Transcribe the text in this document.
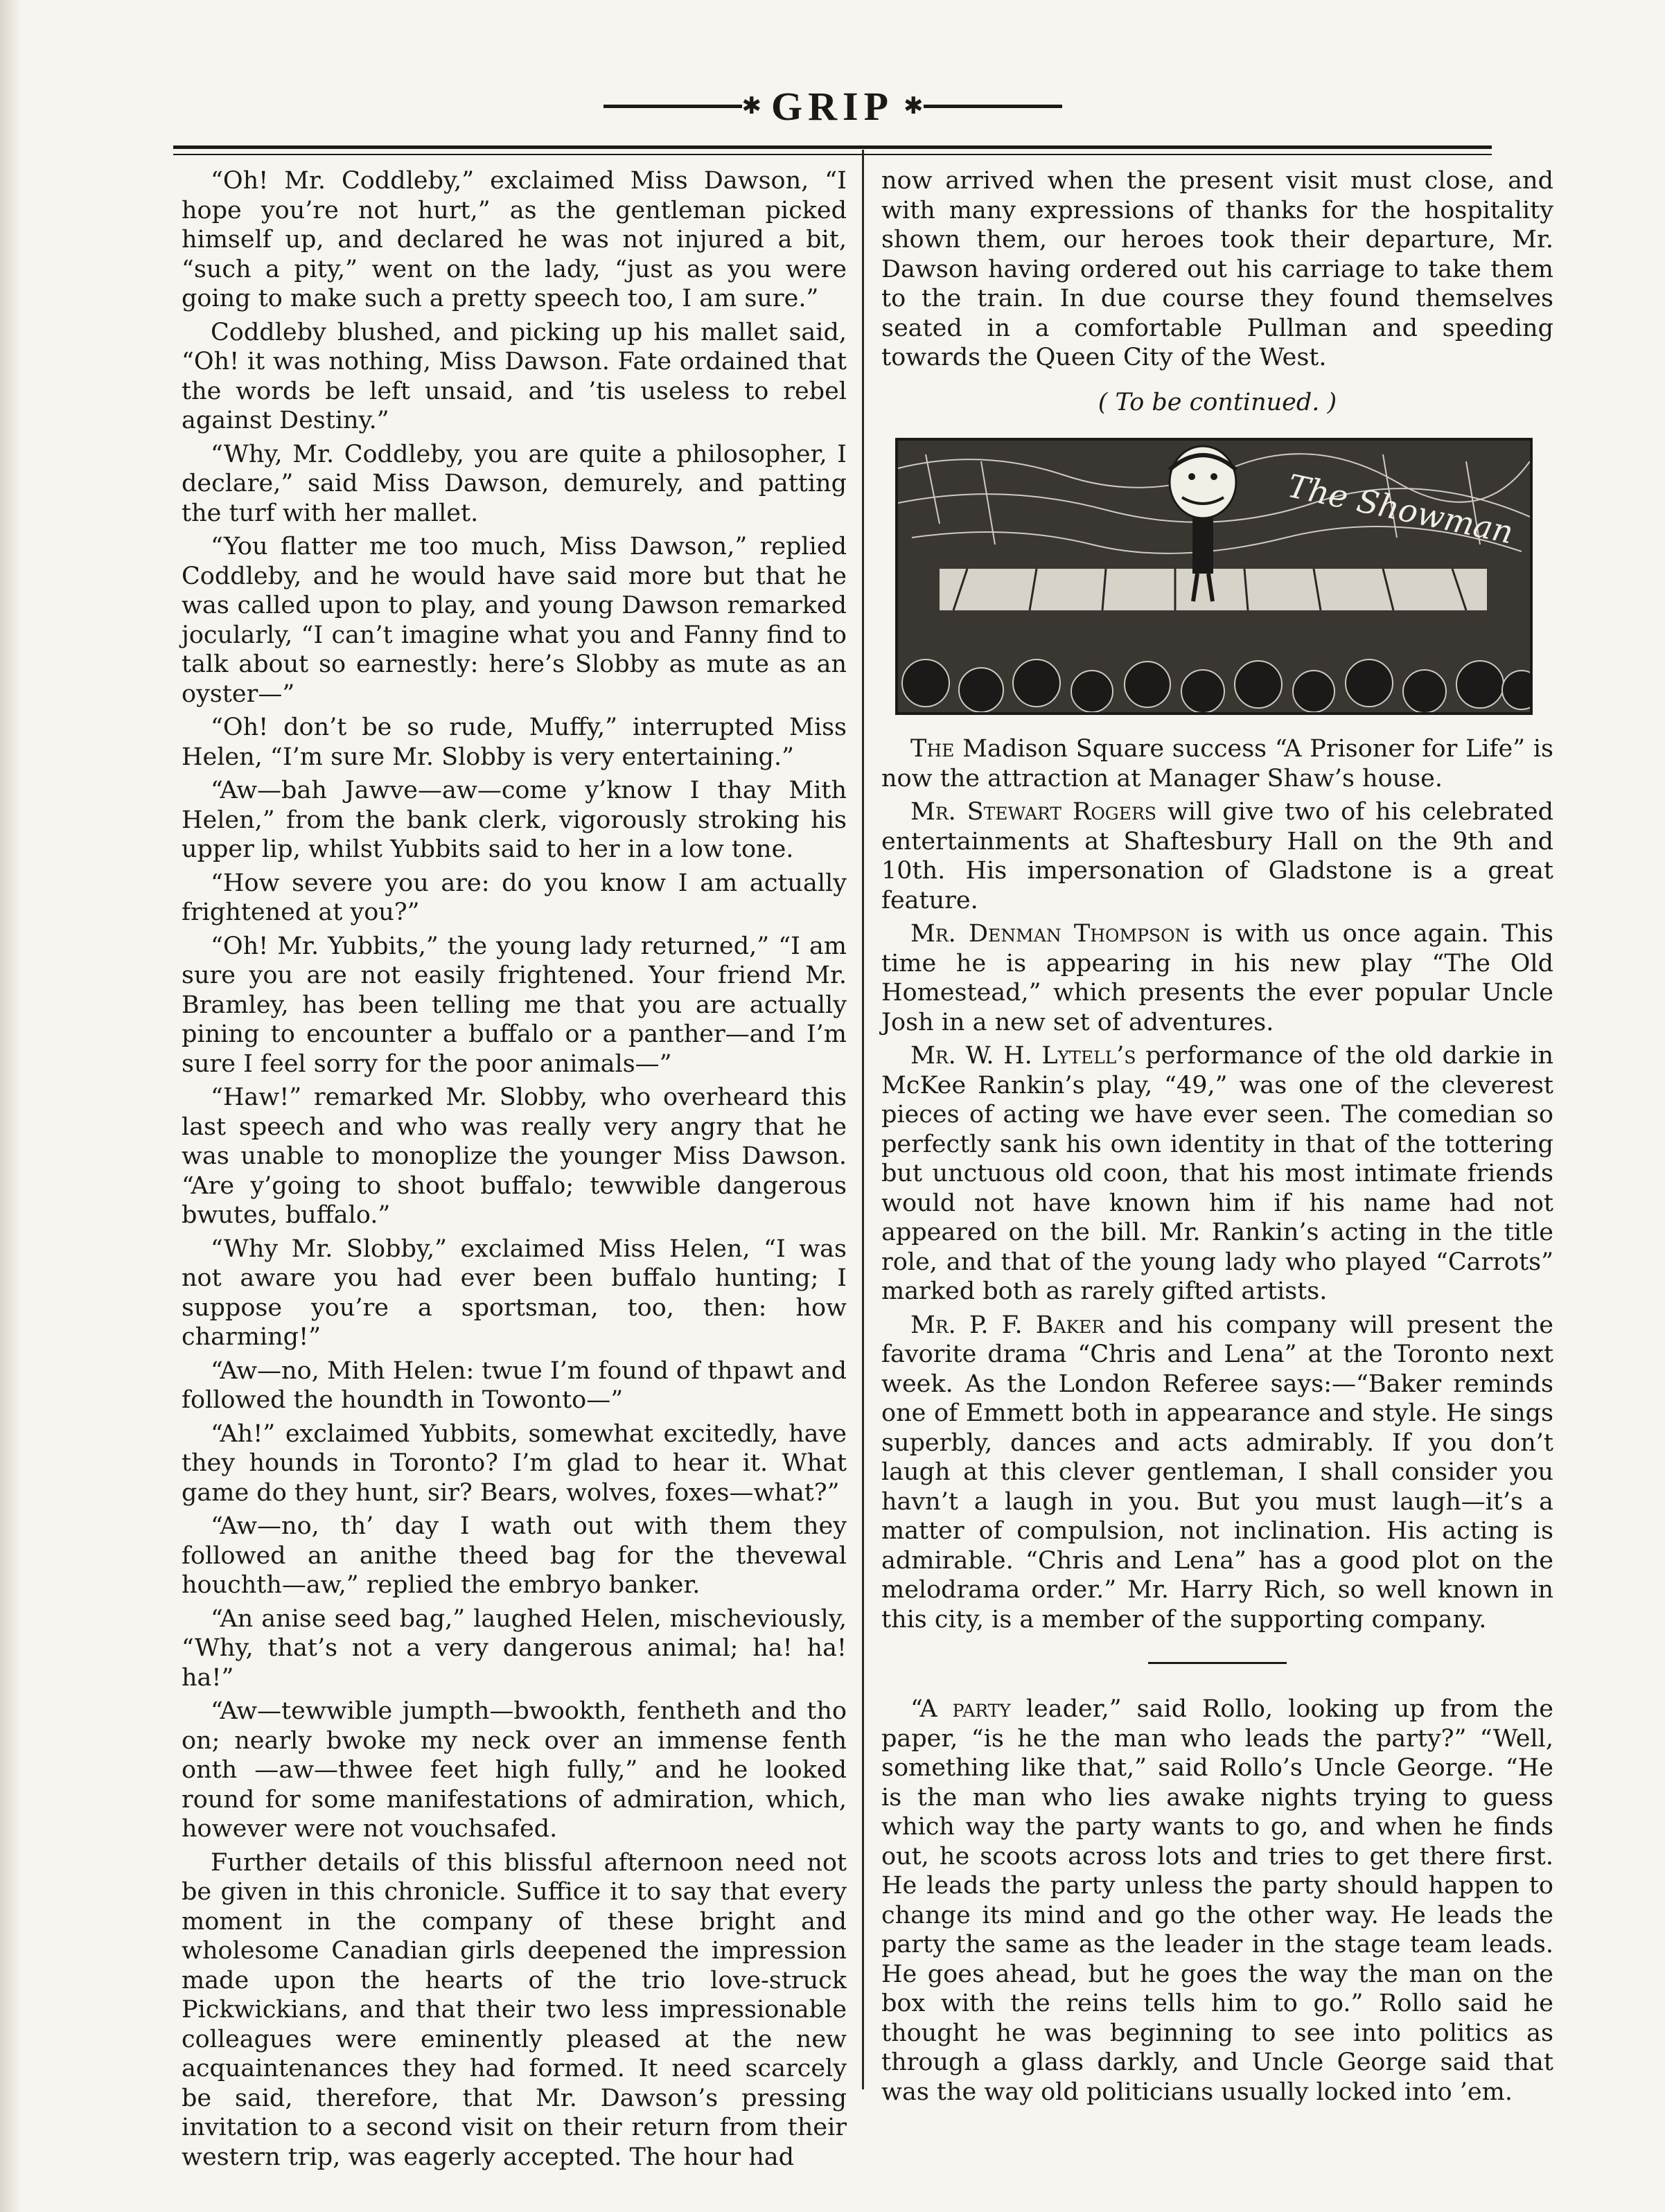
✱ GRIP ✱

“Oh! Mr. Coddleby,” exclaimed Miss Dawson, “I hope you’re not hurt,” as the gentleman picked himself up, and declared he was not injured a bit, “such a pity,” went on the lady, “just as you were going to make such a pretty speech too, I am sure.”

Coddleby blushed, and picking up his mallet said, “Oh! it was nothing, Miss Dawson. Fate ordained that the words be left unsaid, and ’tis useless to rebel against Destiny.”

“Why, Mr. Coddleby, you are quite a philosopher, I declare,” said Miss Dawson, demurely, and patting the turf with her mallet.

“You flatter me too much, Miss Dawson,” replied Coddleby, and he would have said more but that he was called upon to play, and young Dawson remarked jocularly, “I can’t imagine what you and Fanny find to talk about so earnestly: here’s Slobby as mute as an oyster—”

“Oh! don’t be so rude, Muffy,” interrupted Miss Helen, “I’m sure Mr. Slobby is very entertaining.”

“Aw—bah Jawve—aw—come y’know I thay Mith Helen,” from the bank clerk, vigorously stroking his upper lip, whilst Yubbits said to her in a low tone.

“How severe you are: do you know I am actually frightened at you?”

“Oh! Mr. Yubbits,” the young lady returned,” “I am sure you are not easily frightened. Your friend Mr. Bramley, has been telling me that you are actually pining to encounter a buffalo or a panther—and I’m sure I feel sorry for the poor animals—”

“Haw!” remarked Mr. Slobby, who overheard this last speech and who was really very angry that he was unable to monoplize the younger Miss Dawson. “Are y’going to shoot buffalo; tewwible dangerous bwutes, buffalo.”

“Why Mr. Slobby,” exclaimed Miss Helen, “I was not aware you had ever been buffalo hunting; I suppose you’re a sportsman, too, then: how charming!”

“Aw—no, Mith Helen: twue I’m found of thpawt and followed the houndth in Towonto—”

“Ah!” exclaimed Yubbits, somewhat excitedly, have they hounds in Toronto? I’m glad to hear it. What game do they hunt, sir? Bears, wolves, foxes—what?”

“Aw—no, th’ day I wath out with them they followed an anithe theed bag for the thevewal houchth—aw,” replied the embryo banker.

“An anise seed bag,” laughed Helen, mischeviously, “Why, that’s not a very dangerous animal; ha! ha! ha!”

“Aw—tewwible jumpth—bwookth, fentheth and tho on; nearly bwoke my neck over an immense fenth onth —aw—thwee feet high fully,” and he looked round for some manifestations of admiration, which, however were not vouchsafed.

Further details of this blissful afternoon need not be given in this chronicle. Suffice it to say that every moment in the company of these bright and wholesome Canadian girls deepened the impression made upon the hearts of the trio love-struck Pickwickians, and that their two less impressionable colleagues were eminently pleased at the new acquaintenances they had formed. It need scarcely be said, therefore, that Mr. Dawson’s pressing invitation to a second visit on their return from their western trip, was eagerly accepted. The hour had

now arrived when the present visit must close, and with many expressions of thanks for the hospitality shown them, our heroes took their departure, Mr. Dawson having ordered out his carriage to take them to the train. In due course they found themselves seated in a comfortable Pullman and speeding towards the Queen City of the West.

( To be continued. )

The Showman

The Madison Square success “A Prisoner for Life” is now the attraction at Manager Shaw’s house.

Mr. Stewart Rogers will give two of his celebrated entertainments at Shaftesbury Hall on the 9th and 10th. His impersonation of Gladstone is a great feature.

Mr. Denman Thompson is with us once again. This time he is appearing in his new play “The Old Homestead,” which presents the ever popular Uncle Josh in a new set of adventures.

Mr. W. H. Lytell’s performance of the old darkie in McKee Rankin’s play, “49,” was one of the cleverest pieces of acting we have ever seen. The comedian so perfectly sank his own identity in that of the tottering but unctuous old coon, that his most intimate friends would not have known him if his name had not appeared on the bill. Mr. Rankin’s acting in the title role, and that of the young lady who played “Carrots” marked both as rarely gifted artists.

Mr. P. F. Baker and his company will present the favorite drama “Chris and Lena” at the Toronto next week. As the London Referee says:—“Baker reminds one of Emmett both in appearance and style. He sings superbly, dances and acts admirably. If you don’t laugh at this clever gentleman, I shall consider you havn’t a laugh in you. But you must laugh—it’s a matter of compulsion, not inclination. His acting is admirable. “Chris and Lena” has a good plot on the melodrama order.” Mr. Harry Rich, so well known in this city, is a member of the supporting company.

“A party leader,” said Rollo, looking up from the paper, “is he the man who leads the party?” “Well, something like that,” said Rollo’s Uncle George. “He is the man who lies awake nights trying to guess which way the party wants to go, and when he finds out, he scoots across lots and tries to get there first. He leads the party unless the party should happen to change its mind and go the other way. He leads the party the same as the leader in the stage team leads. He goes ahead, but he goes the way the man on the box with the reins tells him to go.” Rollo said he thought he was beginning to see into politics as through a glass darkly, and Uncle George said that was the way old politicians usually locked into ’em.
